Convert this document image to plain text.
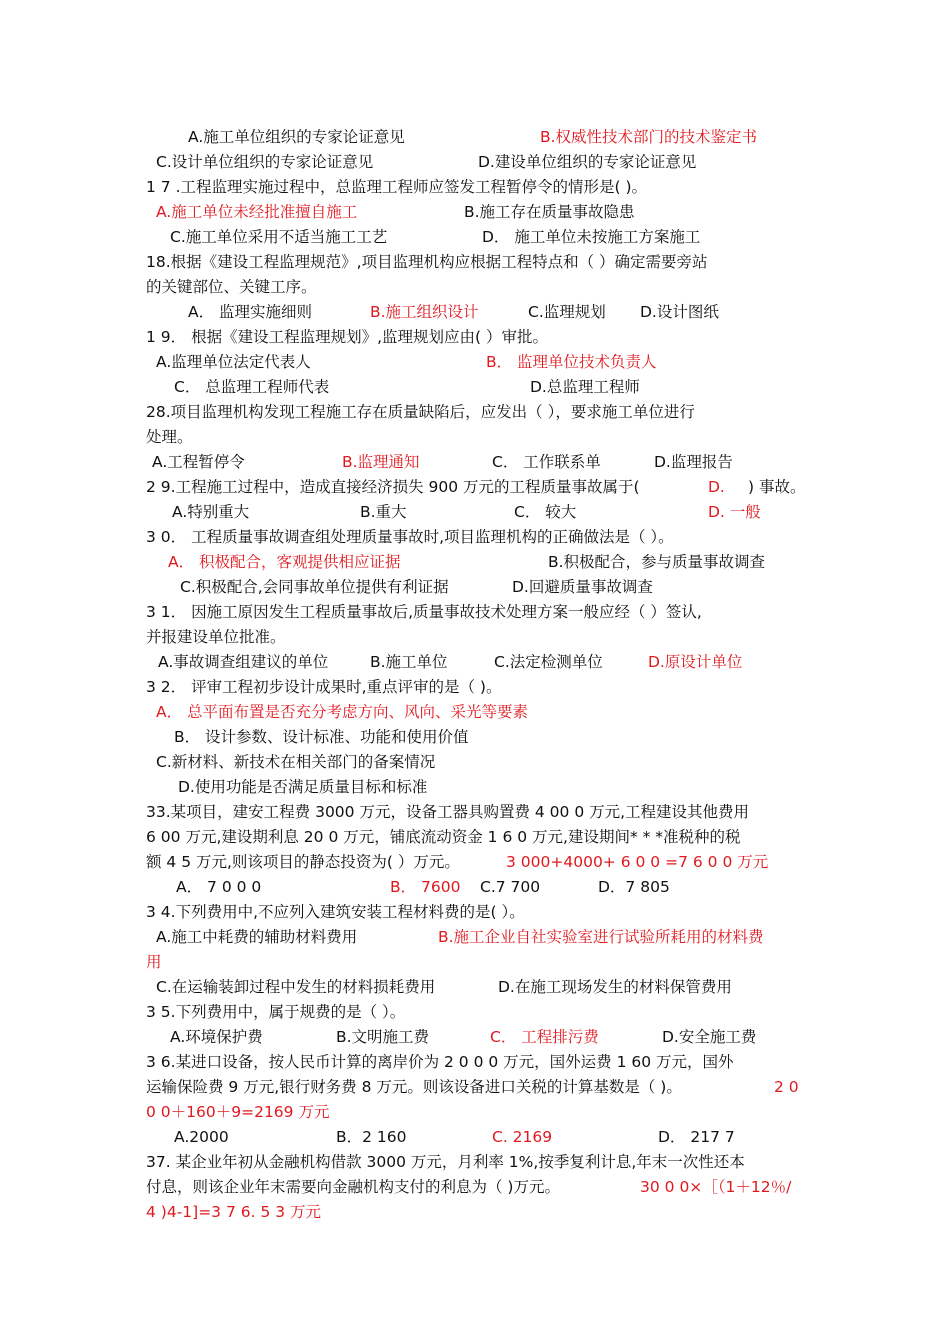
A.施工单位组织的专家论证意见	B.权威性技术部门的技术鉴定书
C.设计单位组织的专家论证意见	D.建设单位组织的专家论证意见
1 7 .工程监理实施过程中，总监理工程师应签发工程暂停令的情形是( )。
A.施工单位未经批准擅自施工	B.施工存在质量事故隐患
C.施工单位采用不适当施工工艺	D． 施工单位未按施工方案施工
18.根据《建设工程监理规范》,项目监理机构应根据工程特点和（ ）确定需要旁站
的关键部位、关键工序。
A． 监理实施细则	B.施工组织设计	C.监理规划 D.设计图纸
1 9． 根据《建设工程监理规划》,监理规划应由( ）审批。
A.监理单位法定代表人	B． 监理单位技术负责人
C． 总监理工程师代表	D.总监理工程师
28.项目监理机构发现工程施工存在质量缺陷后，应发出（ ），要求施工单位进行
处理。
A.工程暂停令	B.监理通知	C． 工作联系单	D.监理报告
2 9.工程施工过程中，造成直接经济损失 900 万元的工程质量事故属于(	D. ) 事故。
A.特别重大	B.重大	C． 较大	D. 一般
3 0． 工程质量事故调查组处理质量事故时,项目监理机构的正确做法是（ ）。
A． 积极配合，客观提供相应证据	B.积极配合，参与质量事故调查
C.积极配合,会同事故单位提供有利证据	D.回避质量事故调查
3 1． 因施工原因发生工程质量事故后,质量事故技术处理方案一般应经（ ）签认,
并报建设单位批准。
A.事故调查组建议的单位	B.施工单位	C.法定检测单位	D.原设计单位
3 2． 评审工程初步设计成果时,重点评审的是（ )。
A． 总平面布置是否充分考虑方向、风向、采光等要素
B． 设计参数、设计标准、功能和使用价值
C.新材料、新技术在相关部门的备案情况
D.使用功能是否满足质量目标和标准
33.某项目，建安工程费 3000 万元，设备工器具购置费 4 00 0 万元,工程建设其他费用
6 00 万元,建设期利息 20 0 万元，铺底流动资金 1 6 0 万元,建设期间* * *准税种的税
额 4 5 万元,则该项目的静态投资为( ）万元。	3 000+4000+ 6 0 0 =7 6 0 0 万元
A． 7 0 0 0	B． 7600 C.7 700	D．7 805
3 4.下列费用中,不应列入建筑安装工程材料费的是( ）。
A.施工中耗费的辅助材料费用	B.施工企业自社实验室进行试验所耗用的材料费
用
C.在运输装卸过程中发生的材料损耗费用	D.在施工现场发生的材料保管费用
3 5.下列费用中，属于规费的是（ ）。
A.环境保护费	B.文明施工费	C． 工程排污费	D.安全施工费
3 6.某进口设备，按人民币计算的离岸价为 2 0 0 0 万元，国外运费 1 60 万元，国外
运输保险费 9 万元,银行财务费 8 万元。则该设备进口关税的计算基数是（ )。	2 0
0 0＋160＋9=2169 万元
A.2000	B．2 160	C. 2169	D． 217 7
37. 某企业年初从金融机构借款 3000 万元，月利率 1%,按季复利计息,年末一次性还本
付息，则该企业年末需要向金融机构支付的利息为（ )万元。	30 0 0×［（1＋12％/
4 )4-1]=3 7 6. 5 3 万元
